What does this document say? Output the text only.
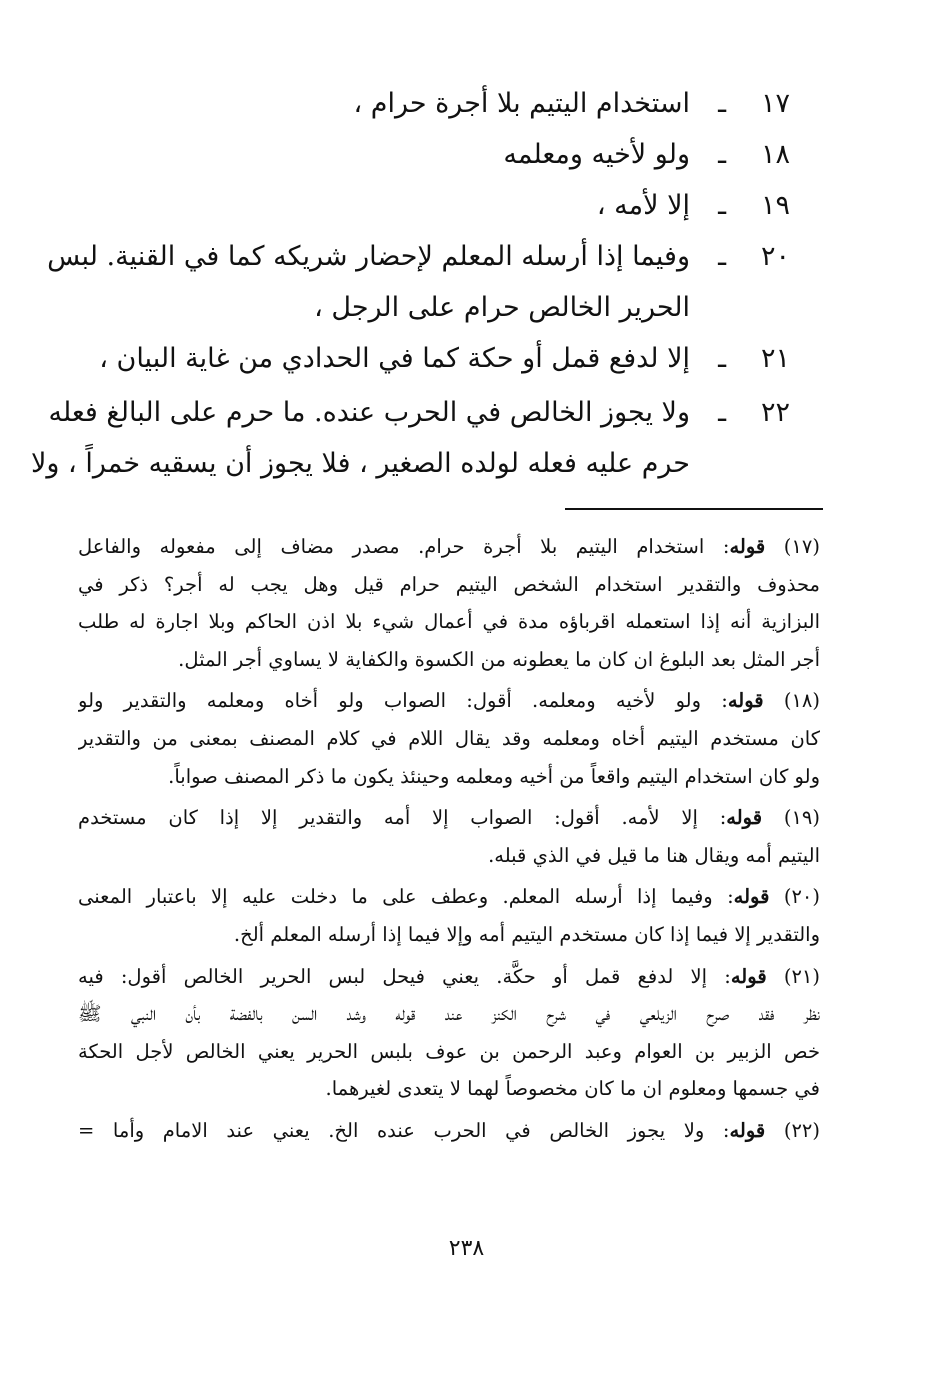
١٧
ـ
استخدام اليتيم بلا أجرة حرام ،
١٨
ـ
ولو لأخيه ومعلمه
١٩
ـ
إلا لأمه ،
٢٠
ـ
وفيما إذا أرسله المعلم لإحضار شريكه كما في القنية. لبس
الحرير الخالص حرام على الرجل ،
٢١
ـ
إلا لدفع قمل أو حكة كما في الحدادي من غاية البيان ،
٢٢
ـ
ولا يجوز الخالص في الحرب عنده. ما حرم على البالغ فعله
حرم عليه فعله لولده الصغير ، فلا يجوز أن يسقيه خمراً ، ولا
(١٧) قوله: استخدام اليتيم بلا أجرة حرام. مصدر مضاف إلى مفعوله والفاعل
محذوف والتقدير استخدام الشخص اليتيم حرام قيل وهل يجب له أجر؟ ذكر في
البزازية أنه إذا استعمله اقرباؤه مدة في أعمال شيء بلا اذن الحاكم وبلا اجارة له طلب
أجر المثل بعد البلوغ ان كان ما يعطونه من الكسوة والكفاية لا يساوي أجر المثل.
(١٨) قوله: ولو لأخيه ومعلمه. أقول: الصواب ولو أخاه ومعلمه والتقدير ولو
كان مستخدم اليتيم أخاه ومعلمه وقد يقال اللام في كلام المصنف بمعنى من والتقدير
ولو كان استخدام اليتيم واقعاً من أخيه ومعلمه وحينئذ يكون ما ذكر المصنف صواباً.
(١٩) قوله: إلا لأمه. أقول: الصواب إلا أمه والتقدير إلا إذا كان مستخدم
اليتيم أمه ويقال هنا ما قيل في الذي قبله.
(٢٠) قوله: وفيما إذا أرسله المعلم. وعطف على ما دخلت عليه إلا باعتبار المعنى
والتقدير إلا فيما إذا كان مستخدم اليتيم أمه وإلا فيما إذا أرسله المعلم ألخ.
(٢١) قوله: إلا لدفع قمل أو حكَّة. يعني فيحل لبس الحرير الخالص أقول: فيه
نظر فقد صرح الزيلعي في شرح الكنز عند قوله وشد السن بالفضة بأن النبي ﷺ
خص الزبير بن العوام وعبد الرحمن بن عوف بلبس الحرير يعني الخالص لأجل الحكة
في جسمها ومعلوم ان ما كان مخصوصاً لهما لا يتعدى لغيرهما.
(٢٢) قوله: ولا يجوز الخالص في الحرب عنده الخ. يعني عند الامام وأما =
٢٣٨
